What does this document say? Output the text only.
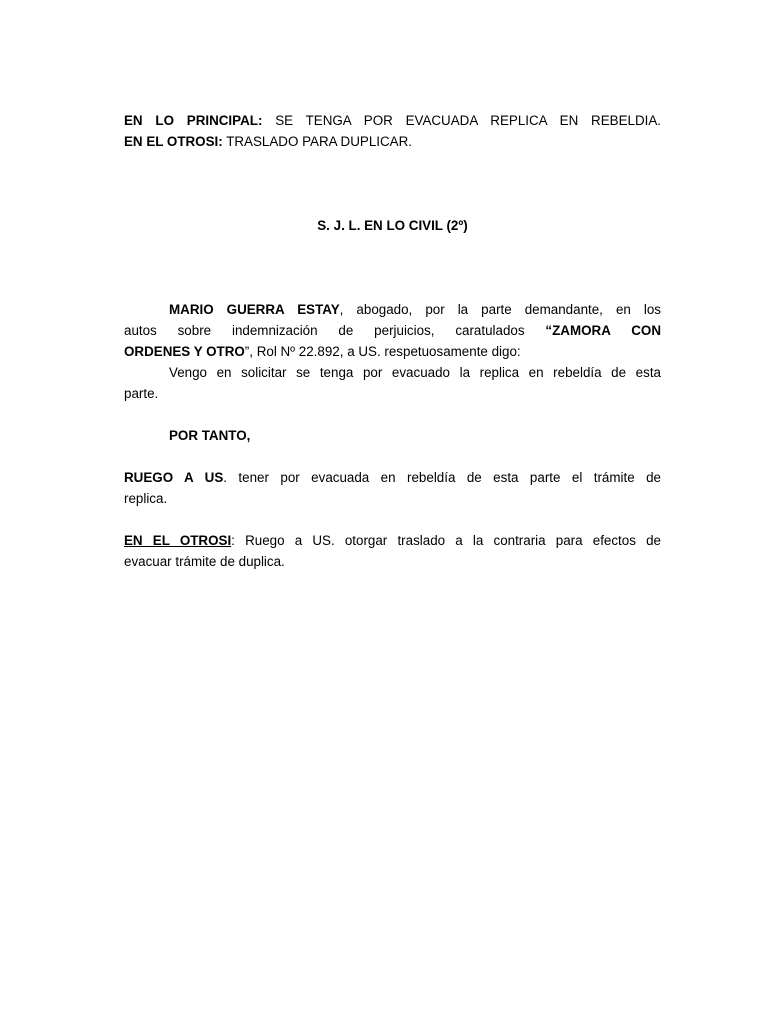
EN LO PRINCIPAL: SE TENGA POR EVACUADA REPLICA EN REBELDIA.
EN EL OTROSI: TRASLADO PARA DUPLICAR.
S. J. L. EN LO CIVIL (2º)
MARIO GUERRA ESTAY, abogado, por la parte demandante, en los
autos sobre indemnización de perjuicios, caratulados “ZAMORA CON
ORDENES Y OTRO”, Rol Nº 22.892, a US. respetuosamente digo:
Vengo en solicitar se tenga por evacuado la replica en rebeldía de esta
parte.
POR TANTO,
RUEGO A US. tener por evacuada en rebeldía de esta parte el trámite de
replica.
EN EL OTROSI: Ruego a US. otorgar traslado a la contraria para efectos de
evacuar trámite de duplica.
